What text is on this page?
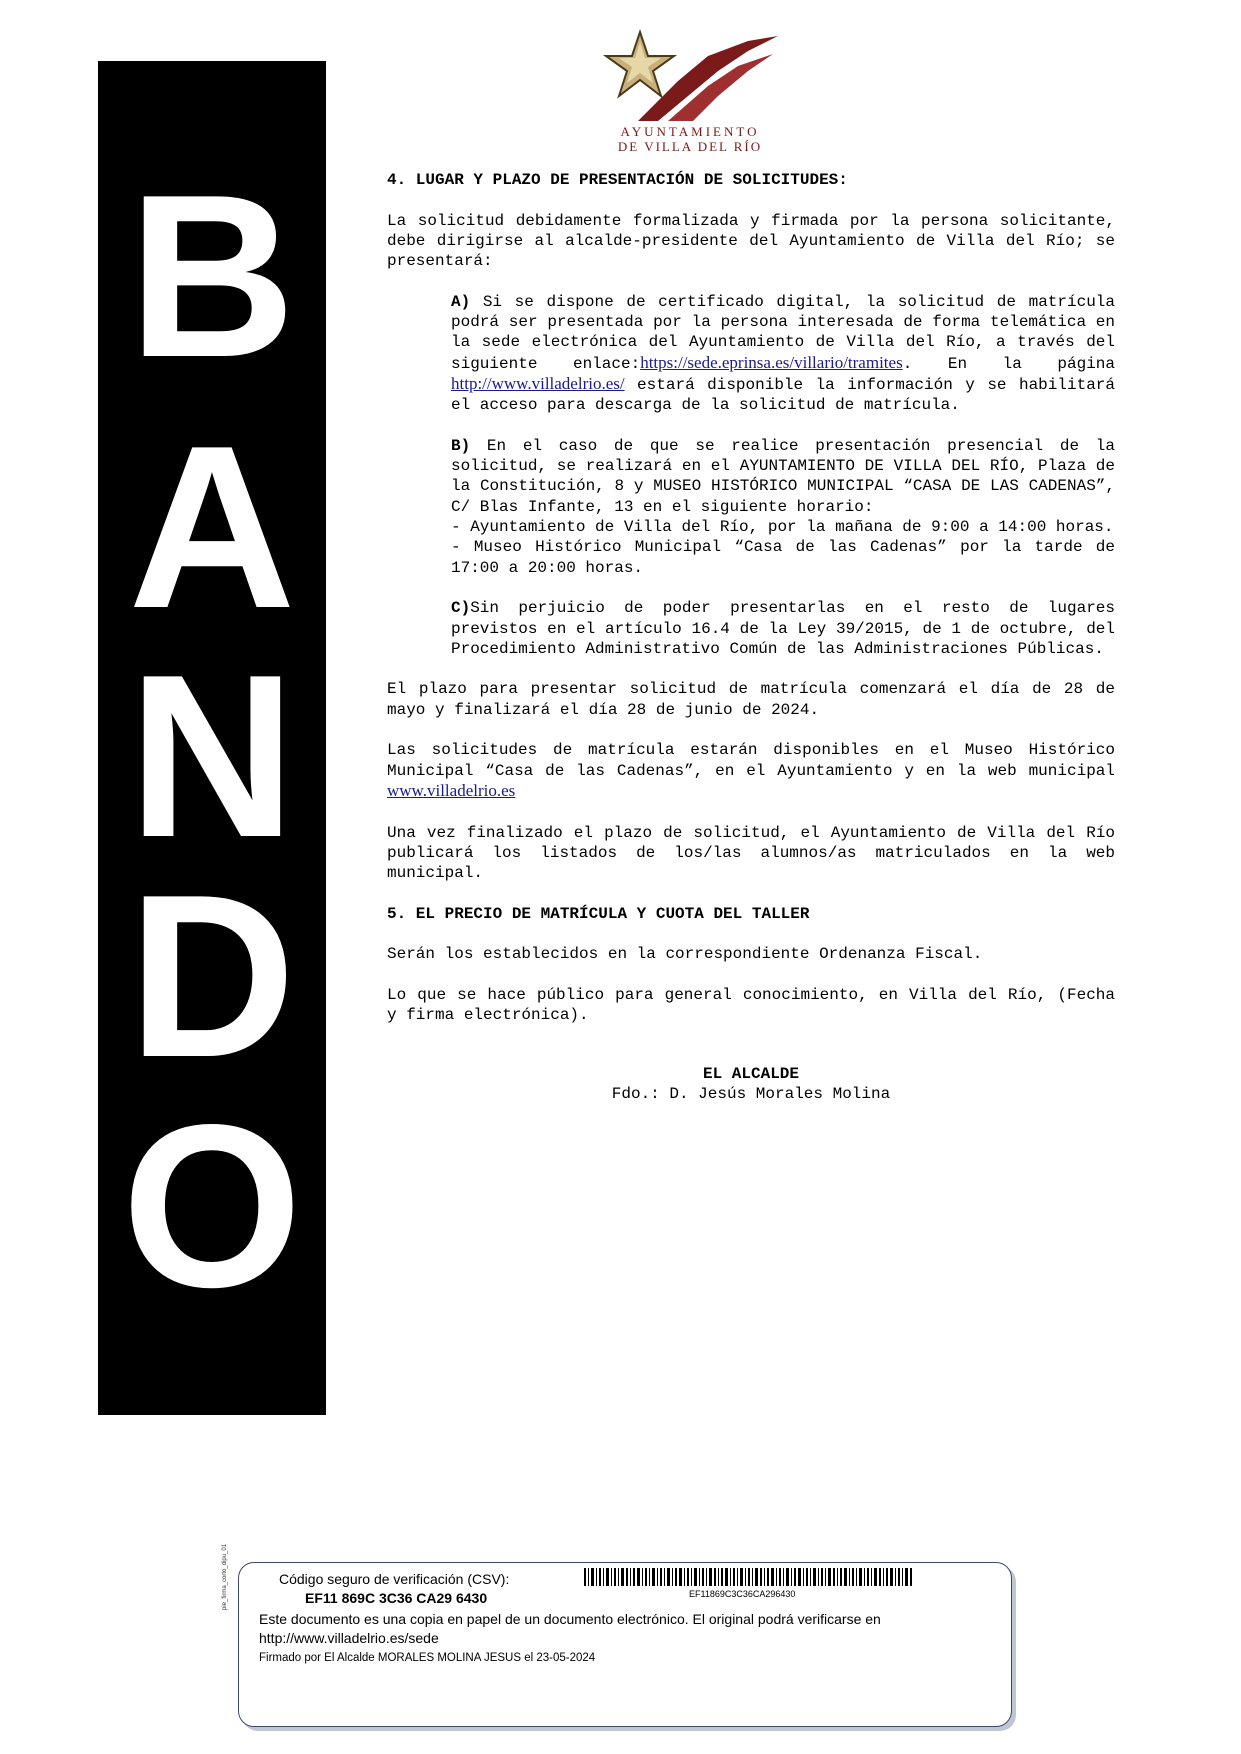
B
A
N
D
O
AYUNTAMIENTO
DE VILLA DEL RÍO

4. LUGAR Y PLAZO DE PRESENTACIÓN DE SOLICITUDES:

La solicitud debidamente formalizada y firmada por la persona solicitante, debe dirigirse al alcalde-presidente del Ayuntamiento de Villa del Río; se presentará:

A) Si se dispone de certificado digital, la solicitud de matrícula podrá ser presentada por la persona interesada de forma telemática en la sede electrónica del Ayuntamiento de Villa del Río, a través del siguiente enlace:https://sede.eprinsa.es/villario/tramites. En la página http://www.villadelrio.es/ estará disponible la información y se habilitará el acceso para descarga de la solicitud de matrícula.

B) En el caso de que se realice presentación presencial de la solicitud, se realizará en el AYUNTAMIENTO DE VILLA DEL RÍO, Plaza de la Constitución, 8 y MUSEO HISTÓRICO MUNICIPAL “CASA DE LAS CADENAS”, C/ Blas Infante, 13 en el siguiente horario:

- Ayuntamiento de Villa del Río, por la mañana de 9:00 a 14:00 horas.

- Museo Histórico Municipal “Casa de las Cadenas” por la tarde de 17:00 a 20:00 horas.

C)Sin perjuicio de poder presentarlas en el resto de lugares previstos en el artículo 16.4 de la Ley 39/2015, de 1 de octubre, del Procedimiento Administrativo Común de las Administraciones Públicas.

El plazo para presentar solicitud de matrícula comenzará el día de 28 de mayo y finalizará el día 28 de junio de 2024.

Las solicitudes de matrícula estarán disponibles en el Museo Histórico Municipal “Casa de las Cadenas”, en el Ayuntamiento y en la web municipal www.villadelrio.es

Una vez finalizado el plazo de solicitud, el Ayuntamiento de Villa del Río publicará los listados de los/las alumnos/as matriculados en la web municipal.

5. EL PRECIO DE MATRÍCULA Y CUOTA DEL TALLER

Serán los establecidos en la correspondiente Ordenanza Fiscal.

Lo que se hace público para general conocimiento, en Villa del Río, (Fecha y firma electrónica).

EL ALCALDE

Fdo.: D. Jesús Morales Molina

pie_firma_corto_dipu_01	Código seguro de verificación (CSV):
EF11 869C 3C36 CA29 6430	EF11869C3C36CA296430
Este documento es una copia en papel de un documento electrónico. El original podrá verificarse en
http://www.villadelrio.es/sede
Firmado por El Alcalde MORALES MOLINA JESUS el 23-05-2024
